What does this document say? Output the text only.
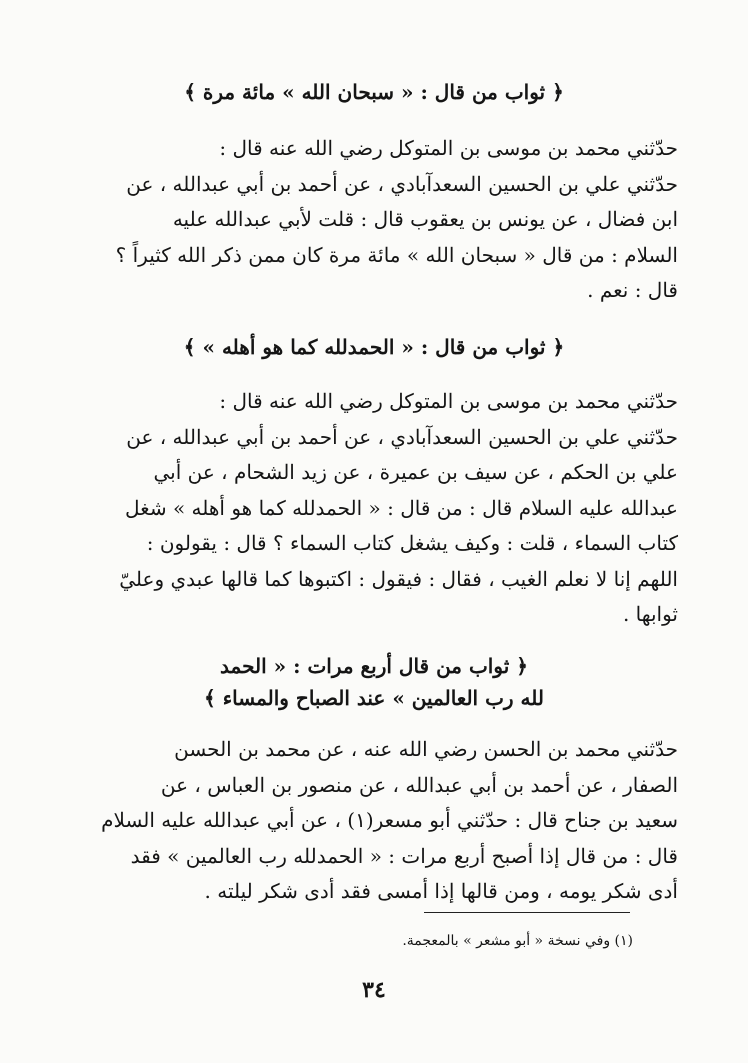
﴿ ثواب من قال : « سبحان الله » مائة مرة ﴾
حدّثني محمد بن موسى بن المتوكل رضي الله عنه قال :
حدّثني علي بن الحسين السعدآبادي ، عن أحمد بن أبي عبدالله ، عن
ابن فضال ، عن يونس بن يعقوب قال : قلت لأبي عبدالله عليه
السلام : من قال « سبحان الله » مائة مرة كان ممن ذكر الله كثيراً ؟
قال : نعم .
﴿ ثواب من قال : « الحمدلله كما هو أهله » ﴾
حدّثني محمد بن موسى بن المتوكل رضي الله عنه قال :
حدّثني علي بن الحسين السعدآبادي ، عن أحمد بن أبي عبدالله ، عن
علي بن الحكم ، عن سيف بن عميرة ، عن زيد الشحام ، عن أبي
عبدالله عليه السلام قال : من قال : « الحمدلله كما هو أهله » شغل
كتاب السماء ، قلت : وكيف يشغل كتاب السماء ؟ قال : يقولون :
اللهم إنا لا نعلم الغيب ، فقال : فيقول : اكتبوها كما قالها عبدي وعليّ
ثوابها .
﴿ ثواب من قال أربع مرات : « الحمد
لله رب العالمين » عند الصباح والمساء ﴾
حدّثني محمد بن الحسن رضي الله عنه ، عن محمد بن الحسن
الصفار ، عن أحمد بن أبي عبدالله ، عن منصور بن العباس ، عن
سعيد بن جناح قال : حدّثني أبو مسعر(١) ، عن أبي عبدالله عليه السلام
قال : من قال إذا أصبح أربع مرات : « الحمدلله رب العالمين » فقد
أدى شكر يومه ، ومن قالها إذا أمسى فقد أدى شكر ليلته .
(١) وفي نسخة « أبو مشعر » بالمعجمة.
٣٤
